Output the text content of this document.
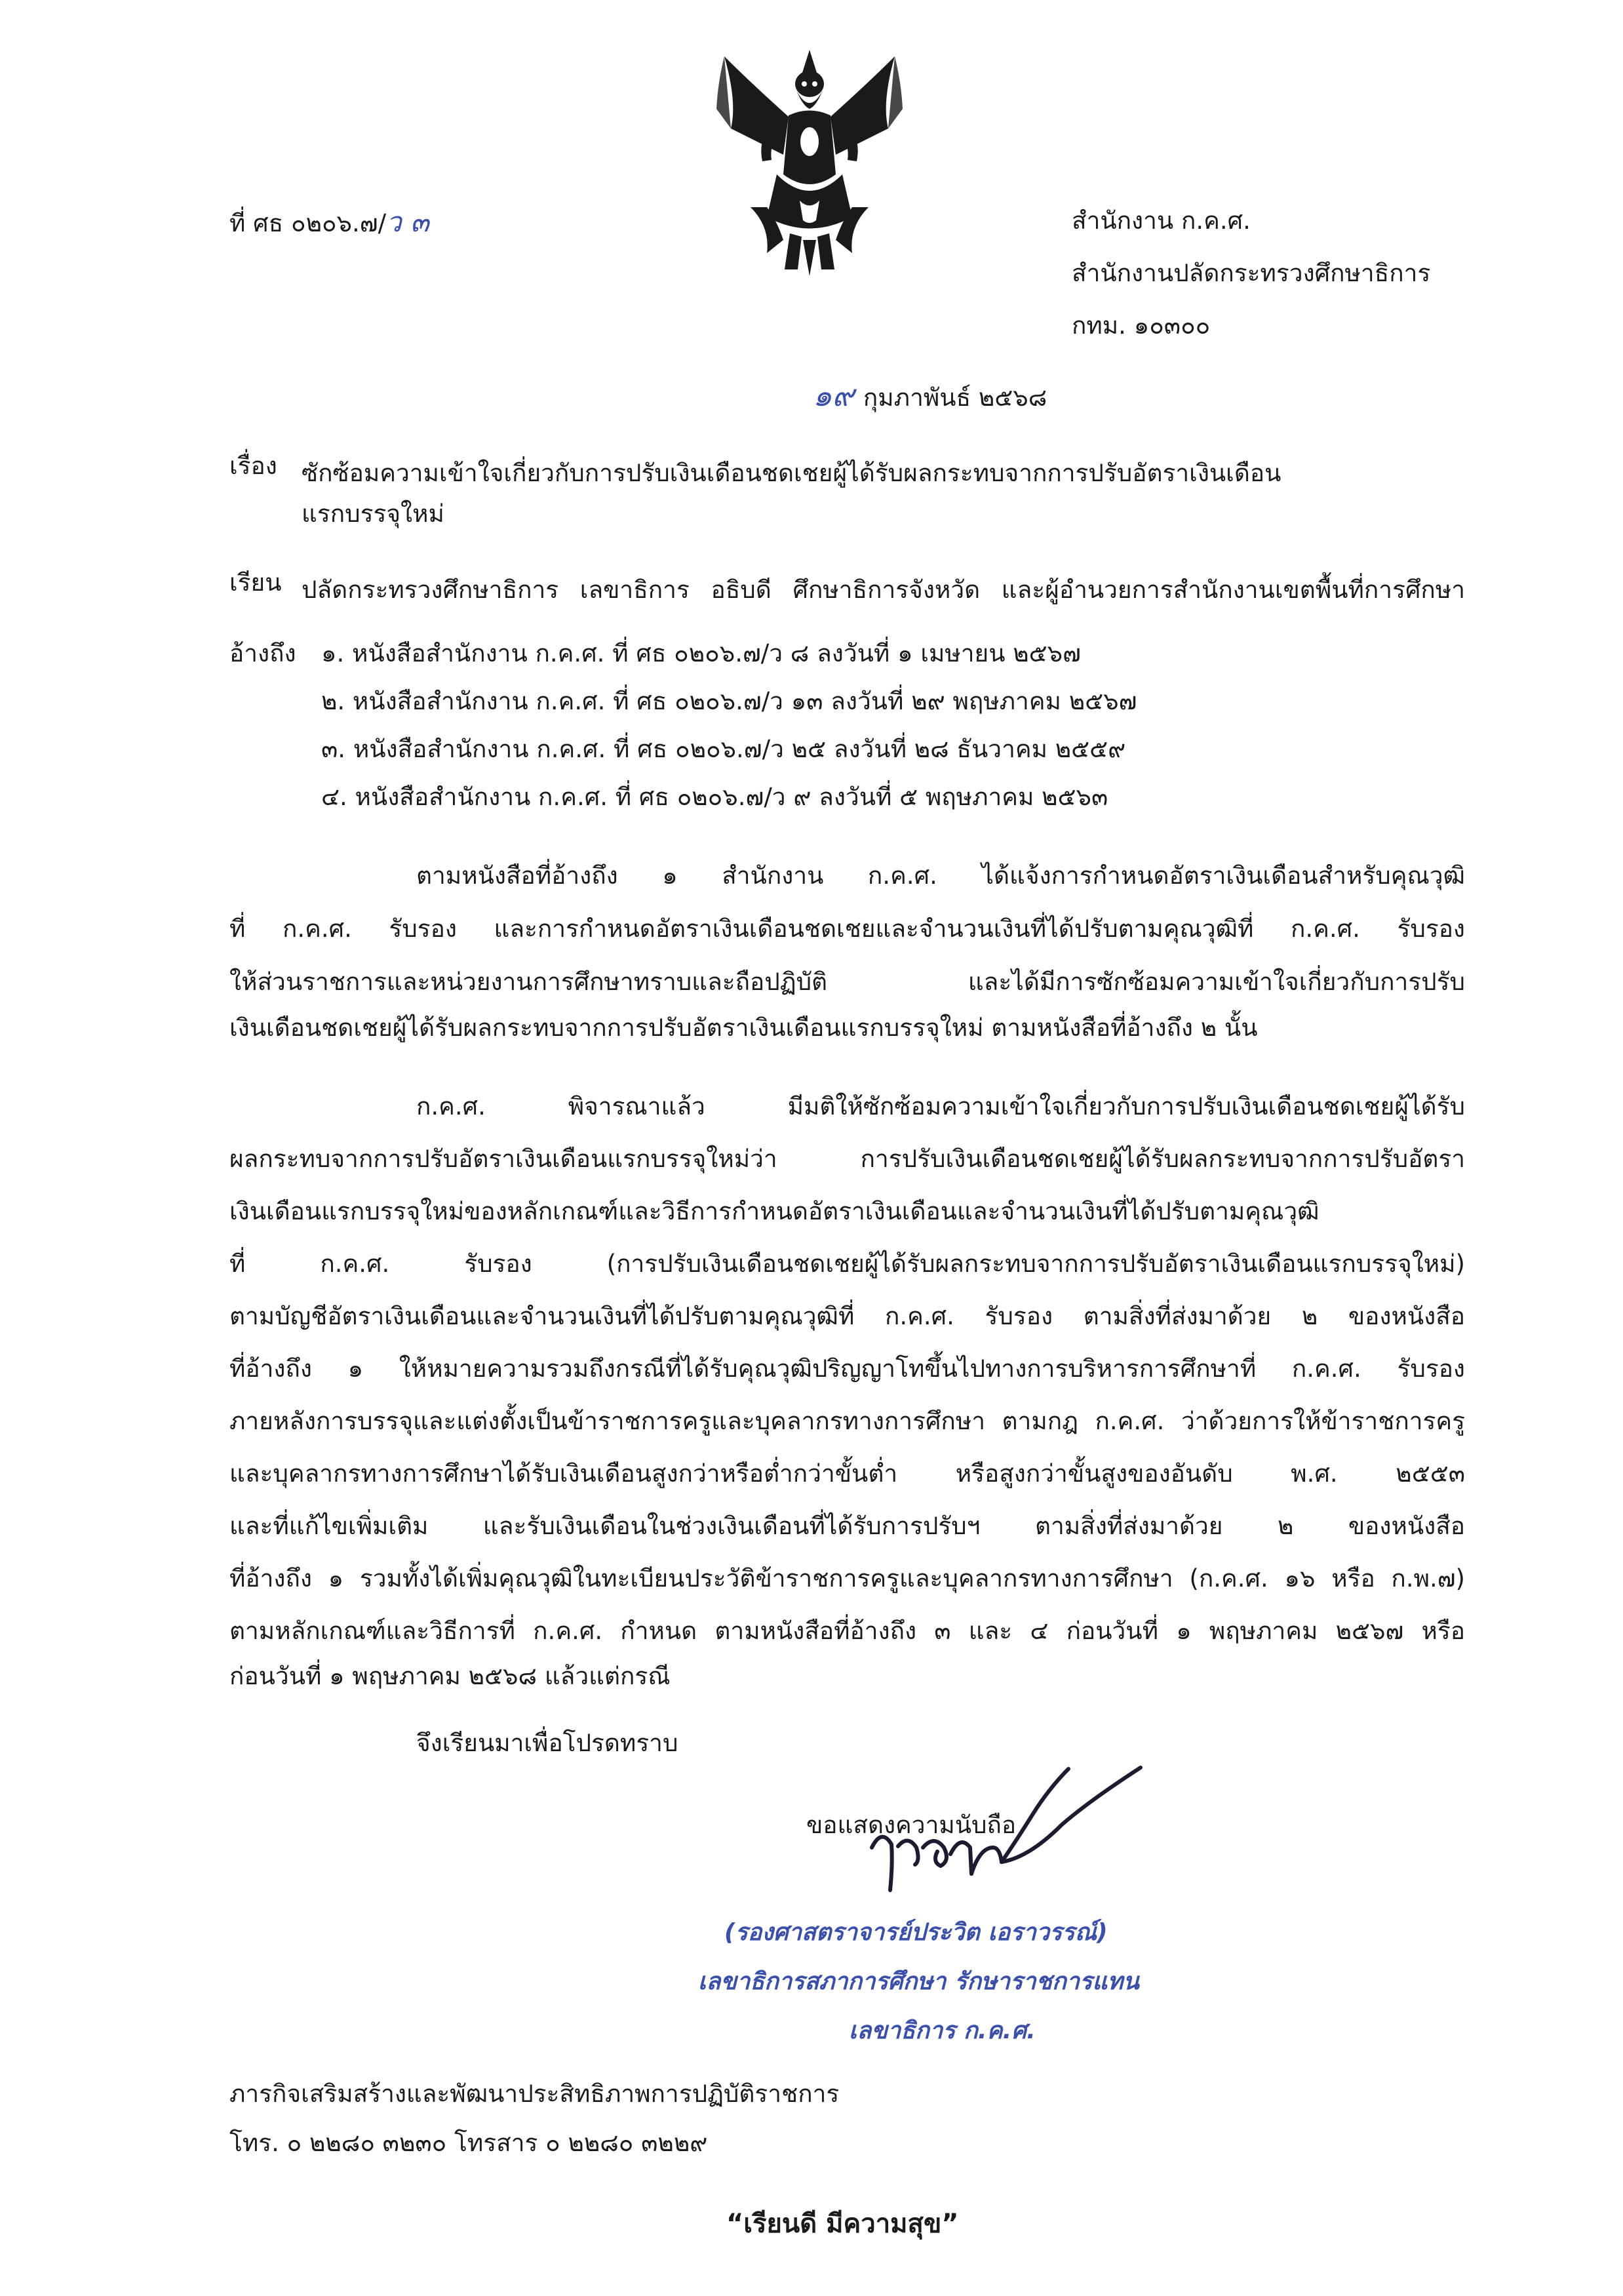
ที่ ศธ ๐๒๐๖.๗/ว ๓	สำนักงาน ก.ค.ศ.
สำนักงานปลัดกระทรวงศึกษาธิการ
กทม. ๑๐๓๐๐
๑๙ กุมภาพันธ์ ๒๕๖๘
เรื่อง ซักซ้อมความเข้าใจเกี่ยวกับการปรับเงินเดือนชดเชยผู้ได้รับผลกระทบจากการปรับอัตราเงินเดือน
แรกบรรจุใหม่
เรียน ปลัดกระทรวงศึกษาธิการ เลขาธิการ อธิบดี ศึกษาธิการจังหวัด และผู้อำนวยการสำนักงานเขตพื้นที่การศึกษา
อ้างถึง ๑. หนังสือสำนักงาน ก.ค.ศ. ที่ ศธ ๐๒๐๖.๗/ว ๘ ลงวันที่ ๑ เมษายน ๒๕๖๗
๒. หนังสือสำนักงาน ก.ค.ศ. ที่ ศธ ๐๒๐๖.๗/ว ๑๓ ลงวันที่ ๒๙ พฤษภาคม ๒๕๖๗
๓. หนังสือสำนักงาน ก.ค.ศ. ที่ ศธ ๐๒๐๖.๗/ว ๒๕ ลงวันที่ ๒๘ ธันวาคม ๒๕๕๙
๔. หนังสือสำนักงาน ก.ค.ศ. ที่ ศธ ๐๒๐๖.๗/ว ๙ ลงวันที่ ๕ พฤษภาคม ๒๕๖๓
ตามหนังสือที่อ้างถึง ๑ สำนักงาน ก.ค.ศ. ได้แจ้งการกำหนดอัตราเงินเดือนสำหรับคุณวุฒิ
ที่ ก.ค.ศ. รับรอง และการกำหนดอัตราเงินเดือนชดเชยและจำนวนเงินที่ได้ปรับตามคุณวุฒิที่ ก.ค.ศ. รับรอง
ให้ส่วนราชการและหน่วยงานการศึกษาทราบและถือปฏิบัติ และได้มีการซักซ้อมความเข้าใจเกี่ยวกับการปรับ
เงินเดือนชดเชยผู้ได้รับผลกระทบจากการปรับอัตราเงินเดือนแรกบรรจุใหม่ ตามหนังสือที่อ้างถึง ๒ นั้น
ก.ค.ศ. พิจารณาแล้ว มีมติให้ซักซ้อมความเข้าใจเกี่ยวกับการปรับเงินเดือนชดเชยผู้ได้รับ
ผลกระทบจากการปรับอัตราเงินเดือนแรกบรรจุใหม่ว่า การปรับเงินเดือนชดเชยผู้ได้รับผลกระทบจากการปรับอัตรา
เงินเดือนแรกบรรจุใหม่ของหลักเกณฑ์และวิธีการกำหนดอัตราเงินเดือนและจำนวนเงินที่ได้ปรับตามคุณวุฒิ
ที่ ก.ค.ศ. รับรอง (การปรับเงินเดือนชดเชยผู้ได้รับผลกระทบจากการปรับอัตราเงินเดือนแรกบรรจุใหม่)
ตามบัญชีอัตราเงินเดือนและจำนวนเงินที่ได้ปรับตามคุณวุฒิที่ ก.ค.ศ. รับรอง ตามสิ่งที่ส่งมาด้วย ๒ ของหนังสือ
ที่อ้างถึง ๑ ให้หมายความรวมถึงกรณีที่ได้รับคุณวุฒิปริญญาโทขึ้นไปทางการบริหารการศึกษาที่ ก.ค.ศ. รับรอง
ภายหลังการบรรจุและแต่งตั้งเป็นข้าราชการครูและบุคลากรทางการศึกษา ตามกฎ ก.ค.ศ. ว่าด้วยการให้ข้าราชการครู
และบุคลากรทางการศึกษาได้รับเงินเดือนสูงกว่าหรือต่ำกว่าขั้นต่ำ หรือสูงกว่าขั้นสูงของอันดับ พ.ศ. ๒๕๕๓
และที่แก้ไขเพิ่มเติม และรับเงินเดือนในช่วงเงินเดือนที่ได้รับการปรับฯ ตามสิ่งที่ส่งมาด้วย ๒ ของหนังสือ
ที่อ้างถึง ๑ รวมทั้งได้เพิ่มคุณวุฒิในทะเบียนประวัติข้าราชการครูและบุคลากรทางการศึกษา (ก.ค.ศ. ๑๖ หรือ ก.พ.๗)
ตามหลักเกณฑ์และวิธีการที่ ก.ค.ศ. กำหนด ตามหนังสือที่อ้างถึง ๓ และ ๔ ก่อนวันที่ ๑ พฤษภาคม ๒๕๖๗ หรือ
ก่อนวันที่ ๑ พฤษภาคม ๒๕๖๘ แล้วแต่กรณี
จึงเรียนมาเพื่อโปรดทราบ
ขอแสดงความนับถือ
(รองศาสตราจารย์ประวิต เอราวรรณ์)
เลขาธิการสภาการศึกษา รักษาราชการแทน
เลขาธิการ ก.ค.ศ.
ภารกิจเสริมสร้างและพัฒนาประสิทธิภาพการปฏิบัติราชการ
โทร. ๐ ๒๒๘๐ ๓๒๓๐ โทรสาร ๐ ๒๒๘๐ ๓๒๒๙
“เรียนดี มีความสุข”
